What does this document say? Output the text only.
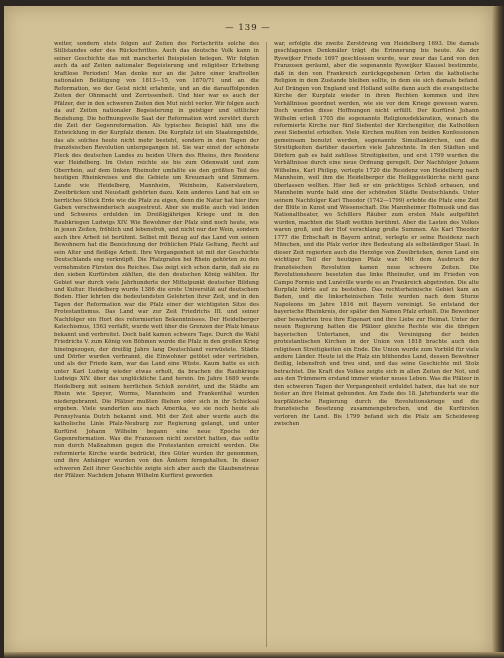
— 139 —

weiter, sondern stets folgen auf Zeiten des Fortschritts solche des Stillstandes oder des Rückschrittes. Auch das deutsche Volk kann in seiner Geschichte das mit mancherlei Beispielen belegen. Wir folgten auch da auf Zeiten nationaler Begeisterung und religiöser Erhebung kraftlose Perioden! Man denke nur an die Jahre einer kraftvollen nationalen Betätigung von 1813—15, von 1870/71 und an die Reformation, wo der Geist nicht erlahmte, und an die darauffolgenden Zeiten der Ohnmacht und Zerrissenheit. Und hier war es auch der Pfälzer, der in den schweren Zeiten den Mut nicht verlor. Wir folgen auch da auf Zeiten nationaler Begeisterung in geistiger und sittlicher Beziehung. Die hoffnungsvolle Saat der Reformation wird zerstört durch die Zeit der Gegenreformation. Als typisches Beispiel hält uns die Entwicklung in der Kurpfalz dienen. Die Kurpfalz ist ein Staatengebilde, das als solches heute nicht mehr besteht, sondern in den Tagen der französischen Revolution untergegangen ist. Sie war einst der schönste Fleck des deutschen Landes zu beiden Ufern des Rheins, ihre Residenz war Heidelberg. Im Osten reichte sie bis zum Odenwald und zum Oberrhein, auf dem linken Rheinufer umfaßte sie den größten Teil des heutigen Rheinkreises und die Gebiete um Kreuznach und Simmern. Lande wie Heidelberg, Mannheim, Weinheim, Kaiserslautern, Zweibrücken und Neustadt gehörten dazu. Kein anderes Land hat ein so herrliches Stück Erde wie die Pfalz zu eigen, denn die Natur hat hier ihre Gaben verschwenderisch ausgestreut. Aber sie mußte auch viel leiden und Schweres erdulden im Dreißigjährigen Kriege und in den Raubkriegen Ludwigs XIV. Wie Bewohner der Pfalz sind noch heute, wie in jenen Zeiten, fröhlich und lebensfroh, und nicht nur der Wein, sondern auch ihre Arbeit ist berühmt. Selbst mit Bezug auf das Land von seinen Bewohnern hat die Bezeichnung der fröhlichen Pfalz Geltung, Recht auf sein Alter und fleißige Arbeit. Ihre Vergangenheit ist mit der Geschichte Deutschlands eng verknüpft. Die Pfalzgrafen bei Rhein gehörten zu den vornehmsten Fürsten des Reiches. Das zeigt sich schon darin, daß sie zu den sieben Kurfürsten zählten, die den deutschen König wählten. Ihr Gebiet war durch viele Jahrhunderte der Mittelpunkt deutscher Bildung und Kultur. Heidelberg wurde 1386 die erste Universität auf deutschem Boden. Hier lehrten die bedeutendsten Gelehrten ihrer Zeit, und in den Tagen der Reformation war die Pfalz einer der wichtigsten Sitze des Protestantismus. Das Land war zur Zeit Friedrichs III. und seiner Nachfolger ein Hort des reformierten Bekenntnisses. Der Heidelberger Katechismus, 1563 verfaßt, wurde weit über die Grenzen der Pfalz hinaus bekannt und verbreitet. Doch bald kamen schwere Tage. Durch die Wahl Friedrichs V. zum König von Böhmen wurde die Pfalz in den großen Krieg hineingezogen, der dreißig Jahre lang Deutschland verwüstete. Städte und Dörfer wurden verbrannt, die Einwohner getötet oder vertrieben, und als der Friede kam, war das Land eine Wüste. Kaum hatte es sich unter Karl Ludwig wieder etwas erholt, da brachen die Raubkriege Ludwigs XIV. über das unglückliche Land herein. Im Jahre 1689 wurde Heidelberg mit seinem herrlichen Schloß zerstört, und die Städte am Rhein wie Speyer, Worms, Mannheim und Frankenthal wurden niedergebrannt. Die Pfälzer mußten fliehen oder sich in ihr Schicksal ergeben. Viele wanderten aus nach Amerika, wo sie noch heute als Pennsylvania Dutch bekannt sind. Mit der Zeit aber wurde auch die katholische Linie Pfalz-Neuburg zur Regierung gelangt, und unter Kurfürst Johann Wilhelm begann eine neue Epoche der Gegenreformation. Was die Franzosen nicht zerstört hatten, das sollte nun durch Maßnahmen gegen die Protestanten erreicht werden. Die reformierte Kirche wurde bedrückt, ihre Güter wurden ihr genommen, und ihre Anhänger wurden von den Ämtern ferngehalten. In dieser schweren Zeit ihrer Geschichte zeigte sich aber auch die Glaubenstreue der Pfälzer. Nachdem Johann Wilhelm Kurfürst geworden

war, erfolgte die zweite Zerstörung von Heidelberg 1693. Die damals geschlagenen Denkmäler trägt die Erinnerung bis heute. Als der Ryswijker Friede 1697 geschlossen wurde, war zwar das Land von den Franzosen geräumt, aber die sogenannte Ryswijker Klausel bestimmte, daß in den von Frankreich zurückgegebenen Orten die katholische Religion in dem Zustande bleiben sollte, in dem sie sich damals befand. Auf Drängen von England und Holland sollte dann auch die evangelische Kirche der Kurpfalz wieder in ihren Rechten kommen und ihre Verhältnisse geordnet werden, wie sie vor dem Kriege gewesen waren. Doch wurden diese Hoffnungen nicht erfüllt. Der Kurfürst Johann Wilhelm erließ 1705 die sogenannte Religionsdeklaration, wonach die reformierte Kirche nur fünf Siebentel der Kirchengüter, die Katholiken zwei Siebentel erhielten. Viele Kirchen mußten von beiden Konfessionen gemeinsam benutzt werden, sogenannte Simultankirchen, und die Streitigkeiten darüber dauerten viele Jahrzehnte. In den Städten und Dörfern gab es bald zahllose Streitigkeiten, und erst 1799 wurden die Verhältnisse durch eine neue Ordnung geregelt. Der Nachfolger Johann Wilhelms, Karl Philipp, verlegte 1720 die Residenz von Heidelberg nach Mannheim, weil ihm die Heidelberger die Heiliggeistkirche nicht ganz überlassen wollten. Hier ließ er ein prächtiges Schloß erbauen, und Mannheim wurde bald eine der schönsten Städte Deutschlands. Unter seinem Nachfolger Karl Theodor (1742—1799) erlebte die Pfalz eine Zeit der Blüte in Kunst und Wissenschaft. Die Mannheimer Hofmusik und das Nationaltheater, wo Schillers Räuber zum ersten Male aufgeführt wurden, machten die Stadt weithin berühmt. Aber die Lasten des Volkes waren groß, und der Hof verschlang große Summen. Als Karl Theodor 1777 die Erbschaft in Bayern antrat, verlegte er seine Residenz nach München, und die Pfalz verlor ihre Bedeutung als selbständiger Staat. In dieser Zeit regierten auch die Herzöge von Zweibrücken, deren Land ein wichtiger Teil der heutigen Pfalz war. Mit dem Ausbruch der französischen Revolution kamen neue schwere Zeiten. Die Revolutionsheere besetzten das linke Rheinufer, und im Frieden von Campo Formio und Lunéville wurde es an Frankreich abgetreten. Die alte Kurpfalz hörte auf zu bestehen. Das rechtsrheinische Gebiet kam an Baden, und die linksrheinischen Teile wurden nach dem Sturze Napoleons im Jahre 1816 mit Bayern vereinigt. So entstand der bayerische Rheinkreis, der später den Namen Pfalz erhielt. Die Bewohner aber bewahrten treu ihre Eigenart und ihre Liebe zur Heimat. Unter der neuen Regierung hatten die Pfälzer gleiche Rechte wie die übrigen bayerischen Untertanen, und die Vereinigung der beiden protestantischen Kirchen in der Union von 1818 brachte auch den religiösen Streitigkeiten ein Ende. Die Union wurde zum Vorbild für viele andere Länder. Heute ist die Pfalz ein blühendes Land, dessen Bewohner fleißig, lebensfroh und treu sind, und das seine Geschichte mit Stolz betrachtet. Die Kraft des Volkes zeigte sich in allen Zeiten der Not, und aus den Trümmern erstand immer wieder neues Leben. Was die Pfälzer in den schweren Tagen der Vergangenheit erduldet haben, das hat sie nur fester an ihre Heimat gebunden. Am Ende des 18. Jahrhunderts war die kurpfälzische Regierung durch die Revolutionskriege und die französische Besetzung zusammengebrochen, und die Kurfürsten verloren ihr Land. Bis 1799 befand sich die Pfalz am Scheideweg zwischen
